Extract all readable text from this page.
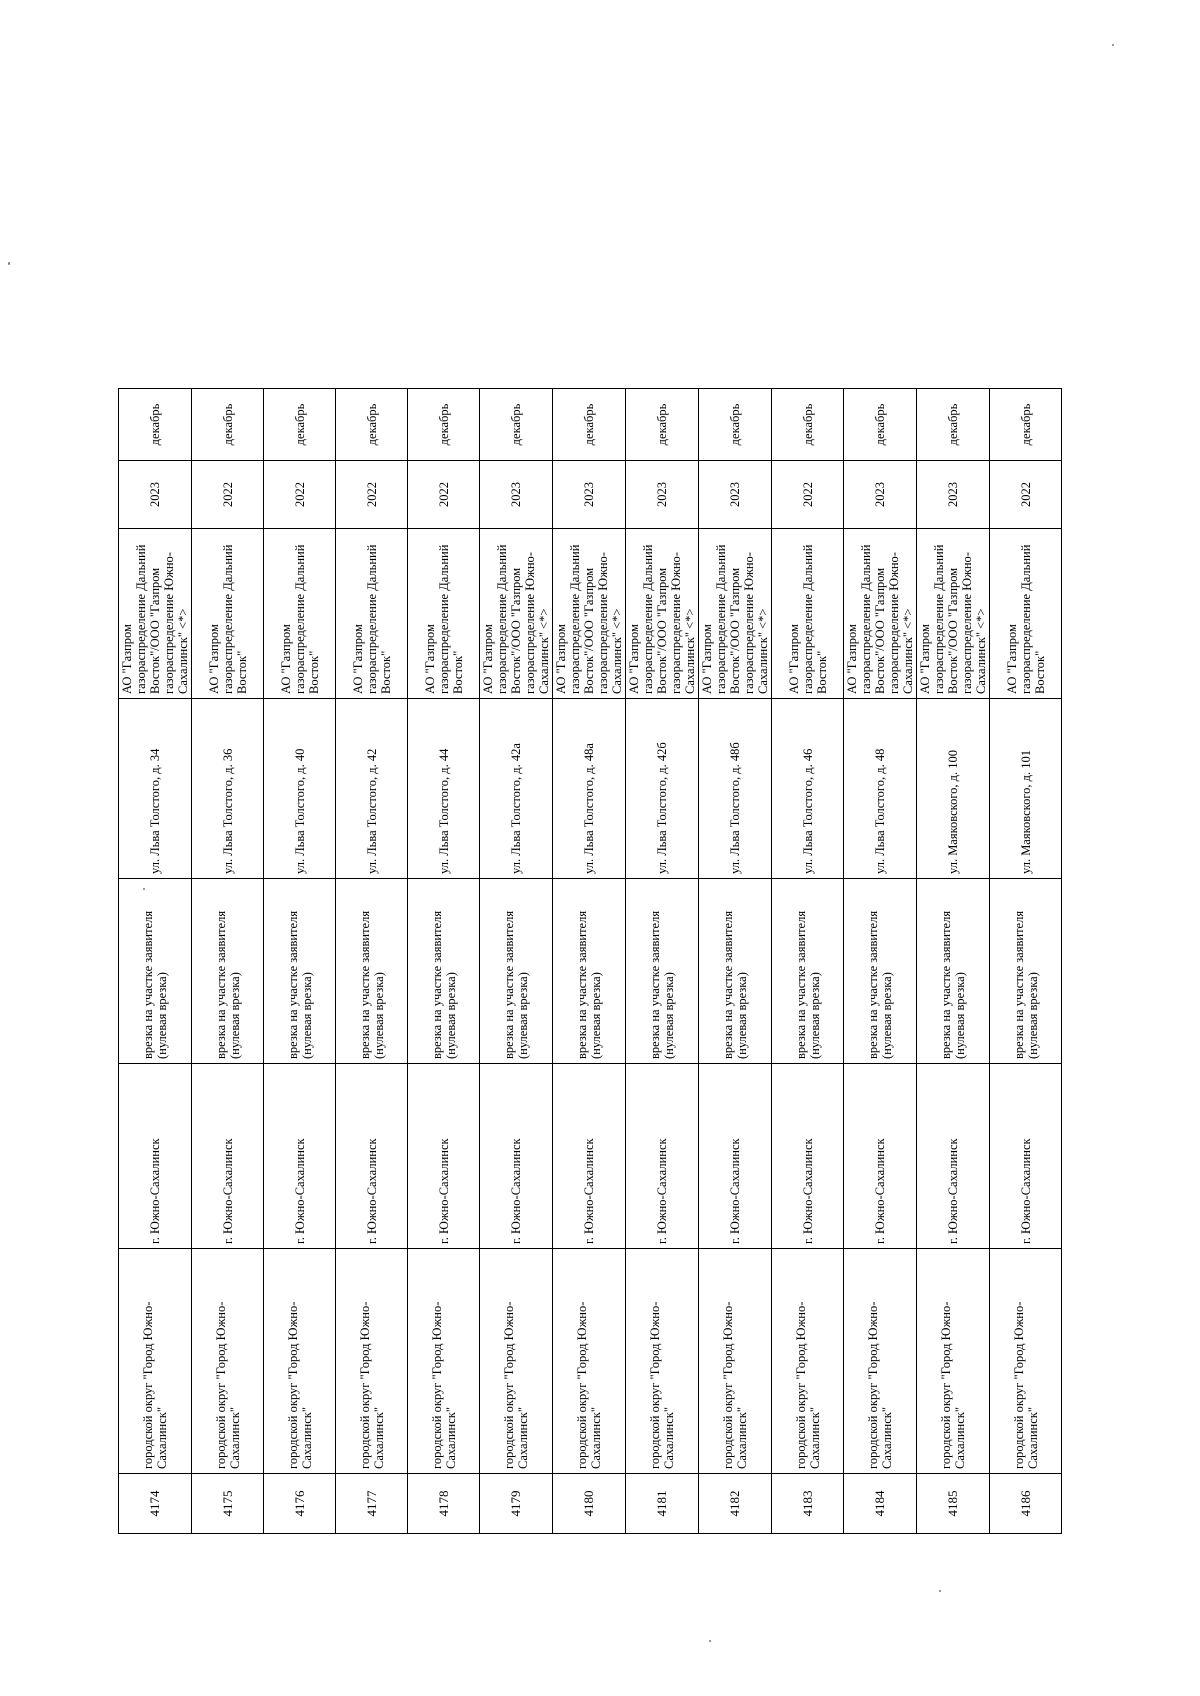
4174	городской округ "Город Южно-Сахалинск"	г. Южно-Сахалинск	врезка на участке заявителя (нулевая врезка)	ул. Льва Толстого, д. 34	АО "Газпром газораспределение Дальний Восток"/ООО "Газпром газораспределение Южно-Сахалинск" <*>	2023	декабрь
4175	городской округ "Город Южно-Сахалинск"	г. Южно-Сахалинск	врезка на участке заявителя (нулевая врезка)	ул. Льва Толстого, д. 36	АО "Газпром газораспределение Дальний Восток"	2022	декабрь
4176	городской округ "Город Южно-Сахалинск"	г. Южно-Сахалинск	врезка на участке заявителя (нулевая врезка)	ул. Льва Толстого, д. 40	АО "Газпром газораспределение Дальний Восток"	2022	декабрь
4177	городской округ "Город Южно-Сахалинск"	г. Южно-Сахалинск	врезка на участке заявителя (нулевая врезка)	ул. Льва Толстого, д. 42	АО "Газпром газораспределение Дальний Восток"	2022	декабрь
4178	городской округ "Город Южно-Сахалинск"	г. Южно-Сахалинск	врезка на участке заявителя (нулевая врезка)	ул. Льва Толстого, д. 44	АО "Газпром газораспределение Дальний Восток"	2022	декабрь
4179	городской округ "Город Южно-Сахалинск"	г. Южно-Сахалинск	врезка на участке заявителя (нулевая врезка)	ул. Льва Толстого, д. 42а	АО "Газпром газораспределение Дальний Восток"/ООО "Газпром газораспределение Южно-Сахалинск" <*>	2023	декабрь
4180	городской округ "Город Южно-Сахалинск"	г. Южно-Сахалинск	врезка на участке заявителя (нулевая врезка)	ул. Льва Толстого, д. 48а	АО "Газпром газораспределение Дальний Восток"/ООО "Газпром газораспределение Южно-Сахалинск" <*>	2023	декабрь
4181	городской округ "Город Южно-Сахалинск"	г. Южно-Сахалинск	врезка на участке заявителя (нулевая врезка)	ул. Льва Толстого, д. 42б	АО "Газпром газораспределение Дальний Восток"/ООО "Газпром газораспределение Южно-Сахалинск" <*>	2023	декабрь
4182	городской округ "Город Южно-Сахалинск"	г. Южно-Сахалинск	врезка на участке заявителя (нулевая врезка)	ул. Льва Толстого, д. 48б	АО "Газпром газораспределение Дальний Восток"/ООО "Газпром газораспределение Южно-Сахалинск" <*>	2023	декабрь
4183	городской округ "Город Южно-Сахалинск"	г. Южно-Сахалинск	врезка на участке заявителя (нулевая врезка)	ул. Льва Толстого, д. 46	АО "Газпром газораспределение Дальний Восток"	2022	декабрь
4184	городской округ "Город Южно-Сахалинск"	г. Южно-Сахалинск	врезка на участке заявителя (нулевая врезка)	ул. Льва Толстого, д. 48	АО "Газпром газораспределение Дальний Восток"/ООО "Газпром газораспределение Южно-Сахалинск" <*>	2023	декабрь
4185	городской округ "Город Южно-Сахалинск"	г. Южно-Сахалинск	врезка на участке заявителя (нулевая врезка)	ул. Маяковского, д. 100	АО "Газпром газораспределение Дальний Восток"/ООО "Газпром газораспределение Южно-Сахалинск" <*>	2023	декабрь
4186	городской округ "Город Южно-Сахалинск"	г. Южно-Сахалинск	врезка на участке заявителя (нулевая врезка)	ул. Маяковского, д. 101	АО "Газпром газораспределение Дальний Восток"	2022	декабрь
